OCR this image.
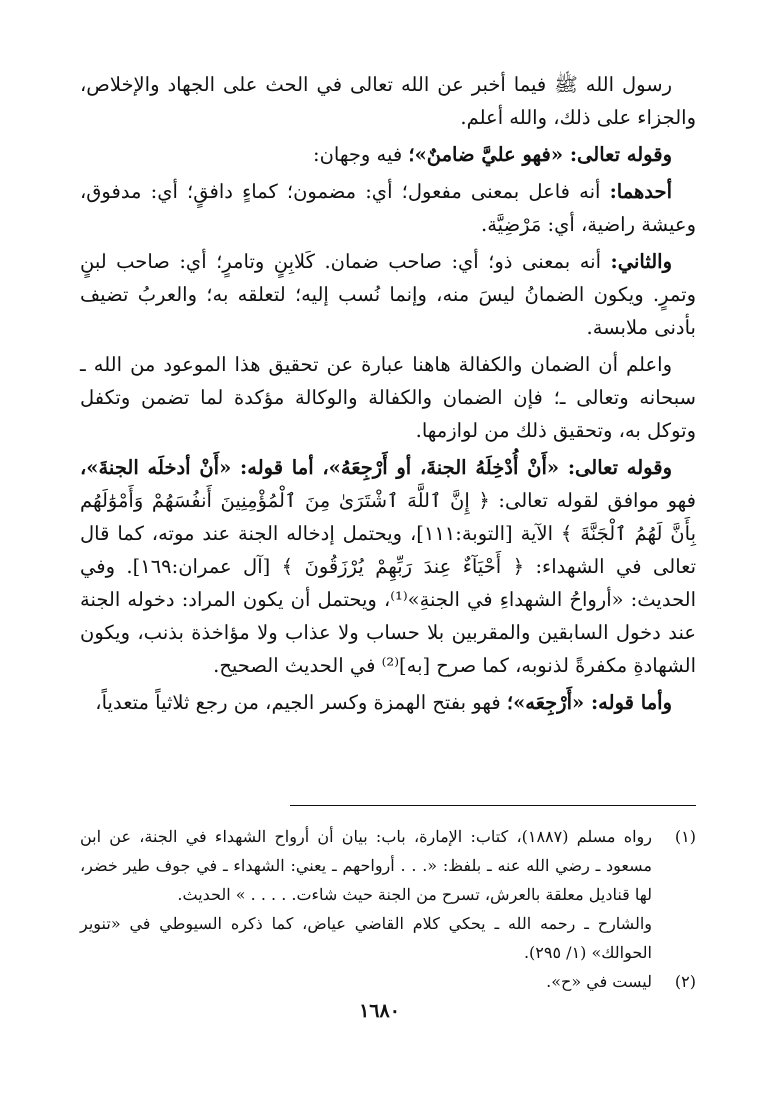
رسول الله ﷺ فيما أخبر عن الله تعالى في الحث على الجهاد والإخلاص، والجزاء على ذلك، والله أعلم.

وقوله تعالى: «فهو عليَّ ضامنٌ»؛ فيه وجهان:

أحدهما: أنه فاعل بمعنى مفعول؛ أي: مضمون؛ كماءٍ دافقٍ؛ أي: مدفوق، وعيشة راضية، أي: مَرْضِيَّة.

والثاني: أنه بمعنى ذو؛ أي: صاحب ضمان. كَلابِنٍ وتامرٍ؛ أي: صاحب لبنٍ وتمرٍ. ويكون الضمانُ ليسَ منه، وإنما نُسب إليه؛ لتعلقه به؛ والعربُ تضيف بأدنى ملابسة.

واعلم أن الضمان والكفالة هاهنا عبارة عن تحقيق هذا الموعود من الله ـ سبحانه وتعالى ـ؛ فإن الضمان والكفالة والوكالة مؤكدة لما تضمن وتكفل وتوكل به، وتحقيق ذلك من لوازمها.

وقوله تعالى: «أَنْ أُدْخِلَهُ الجنةَ، أو أَرْجِعَهُ»، أما قوله: «أَنْ أدخلَه الجنةَ»، فهو موافق لقوله تعالى: ﴿ إِنَّ ٱللَّهَ ٱشْتَرَىٰ مِنَ ٱلْمُؤْمِنِينَ أَنفُسَهُمْ وَأَمْوَٰلَهُم بِأَنَّ لَهُمُ ٱلْجَنَّةَ ﴾ الآية [التوبة:١١١]، ويحتمل إدخاله الجنة عند موته، كما قال تعالى في الشهداء: ﴿ أَحْيَآءٌ عِندَ رَبِّهِمْ يُرْزَقُونَ ﴾ [آل عمران:١٦٩]. وفي الحديث: «أرواحُ الشهداءِ في الجنةِ»⁽¹⁾، ويحتمل أن يكون المراد: دخوله الجنة عند دخول السابقين والمقربين بلا حساب ولا عذاب ولا مؤاخذة بذنب، ويكون الشهادةِ مكفرةً لذنوبه، كما صرح [به]⁽²⁾ في الحديث الصحيح.

وأما قوله: «أَرْجِعَه»؛ فهو بفتح الهمزة وكسر الجيم، من رجع ثلاثياً متعدياً،

(١)

رواه مسلم (١٨٨٧)، كتاب: الإمارة، باب: بيان أن أرواح الشهداء في الجنة، عن ابن مسعود ـ رضي الله عنه ـ بلفظ: «. . . أرواحهم ـ يعني: الشهداء ـ في جوف طير خضر، لها قناديل معلقة بالعرش، تسرح من الجنة حيث شاءت. . . . . » الحديث.

والشارح ـ رحمه الله ـ يحكي كلام القاضي عياض، كما ذكره السيوطي في «تنوير الحوالك» (١/ ٢٩٥).

(٢)

ليست في «ح».

١٦٨٠
